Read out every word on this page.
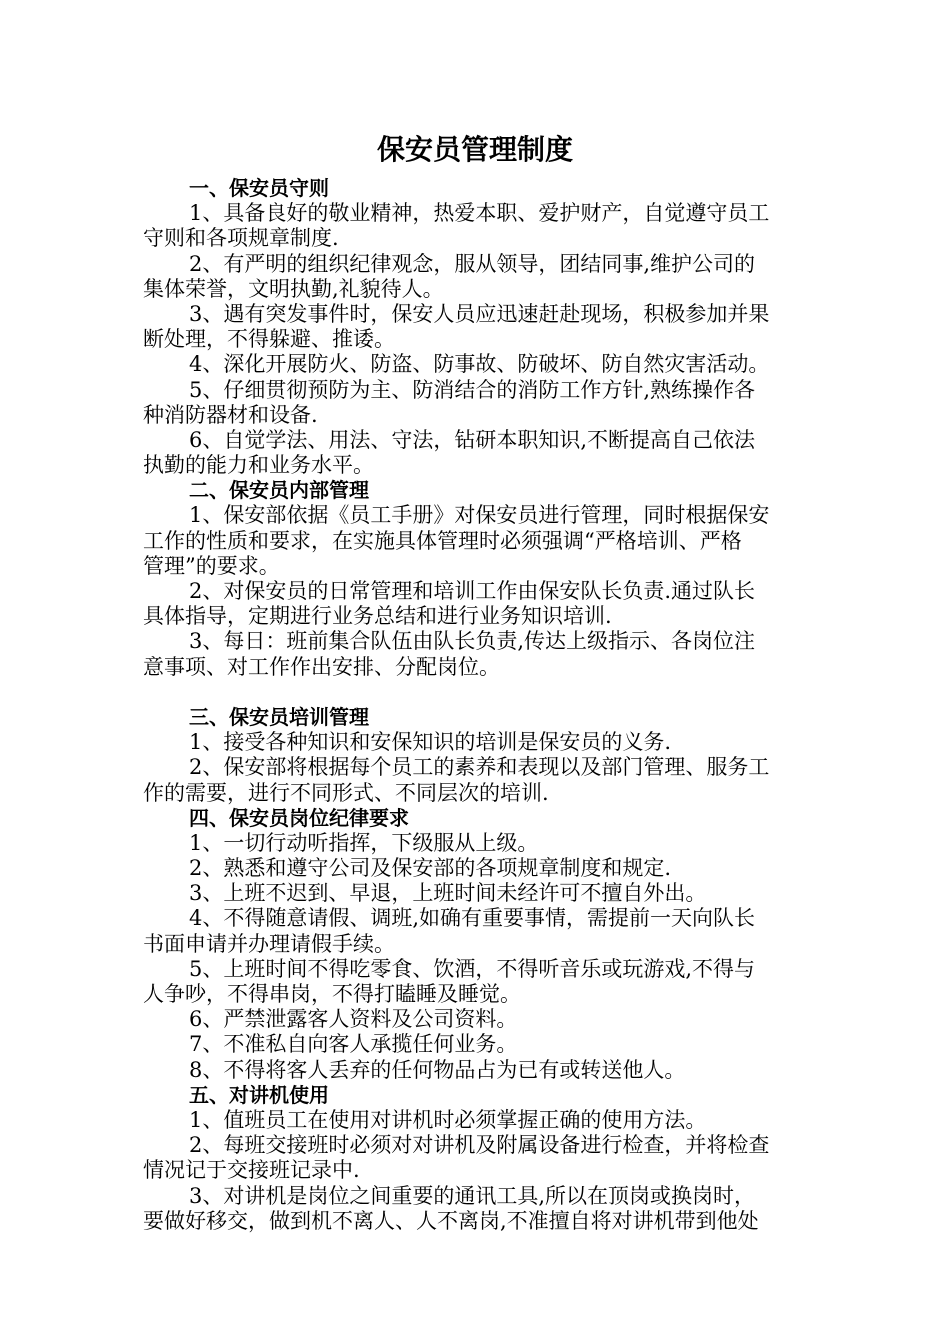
保安员管理制度
一、保安员守则
1、具备良好的敬业精神，热爱本职、爱护财产，自觉遵守员工
守则和各项规章制度.
2、有严明的组织纪律观念，服从领导，团结同事,维护公司的
集体荣誉，文明执勤,礼貌待人。
3、遇有突发事件时，保安人员应迅速赶赴现场，积极参加并果
断处理，不得躲避、推诿。
4、深化开展防火、防盗、防事故、防破坏、防自然灾害活动。
5、仔细贯彻预防为主、防消结合的消防工作方针,熟练操作各
种消防器材和设备.
6、自觉学法、用法、守法，钻研本职知识,不断提高自己依法
执勤的能力和业务水平。
二、保安员内部管理
1、保安部依据《员工手册》对保安员进行管理，同时根据保安
工作的性质和要求，在实施具体管理时必须强调“严格培训、严格
管理”的要求。
2、对保安员的日常管理和培训工作由保安队长负责.通过队长
具体指导，定期进行业务总结和进行业务知识培训.
3、每日：班前集合队伍由队长负责,传达上级指示、各岗位注
意事项、对工作作出安排、分配岗位。
三、保安员培训管理
1、接受各种知识和安保知识的培训是保安员的义务.
2、保安部将根据每个员工的素养和表现以及部门管理、服务工
作的需要，进行不同形式、不同层次的培训.
四、保安员岗位纪律要求
1、一切行动听指挥，下级服从上级。
2、熟悉和遵守公司及保安部的各项规章制度和规定.
3、上班不迟到、早退，上班时间未经许可不擅自外出。
4、不得随意请假、调班,如确有重要事情，需提前一天向队长
书面申请并办理请假手续。
5、上班时间不得吃零食、饮酒，不得听音乐或玩游戏,不得与
人争吵，不得串岗，不得打瞌睡及睡觉。
6、严禁泄露客人资料及公司资料。
7、不准私自向客人承揽任何业务。
8、不得将客人丢弃的任何物品占为已有或转送他人。
五、对讲机使用
1、值班员工在使用对讲机时必须掌握正确的使用方法。
2、每班交接班时必须对对讲机及附属设备进行检查，并将检查
情况记于交接班记录中.
3、对讲机是岗位之间重要的通讯工具,所以在顶岗或换岗时，
要做好移交，做到机不离人、人不离岗,不准擅自将对讲机带到他处
